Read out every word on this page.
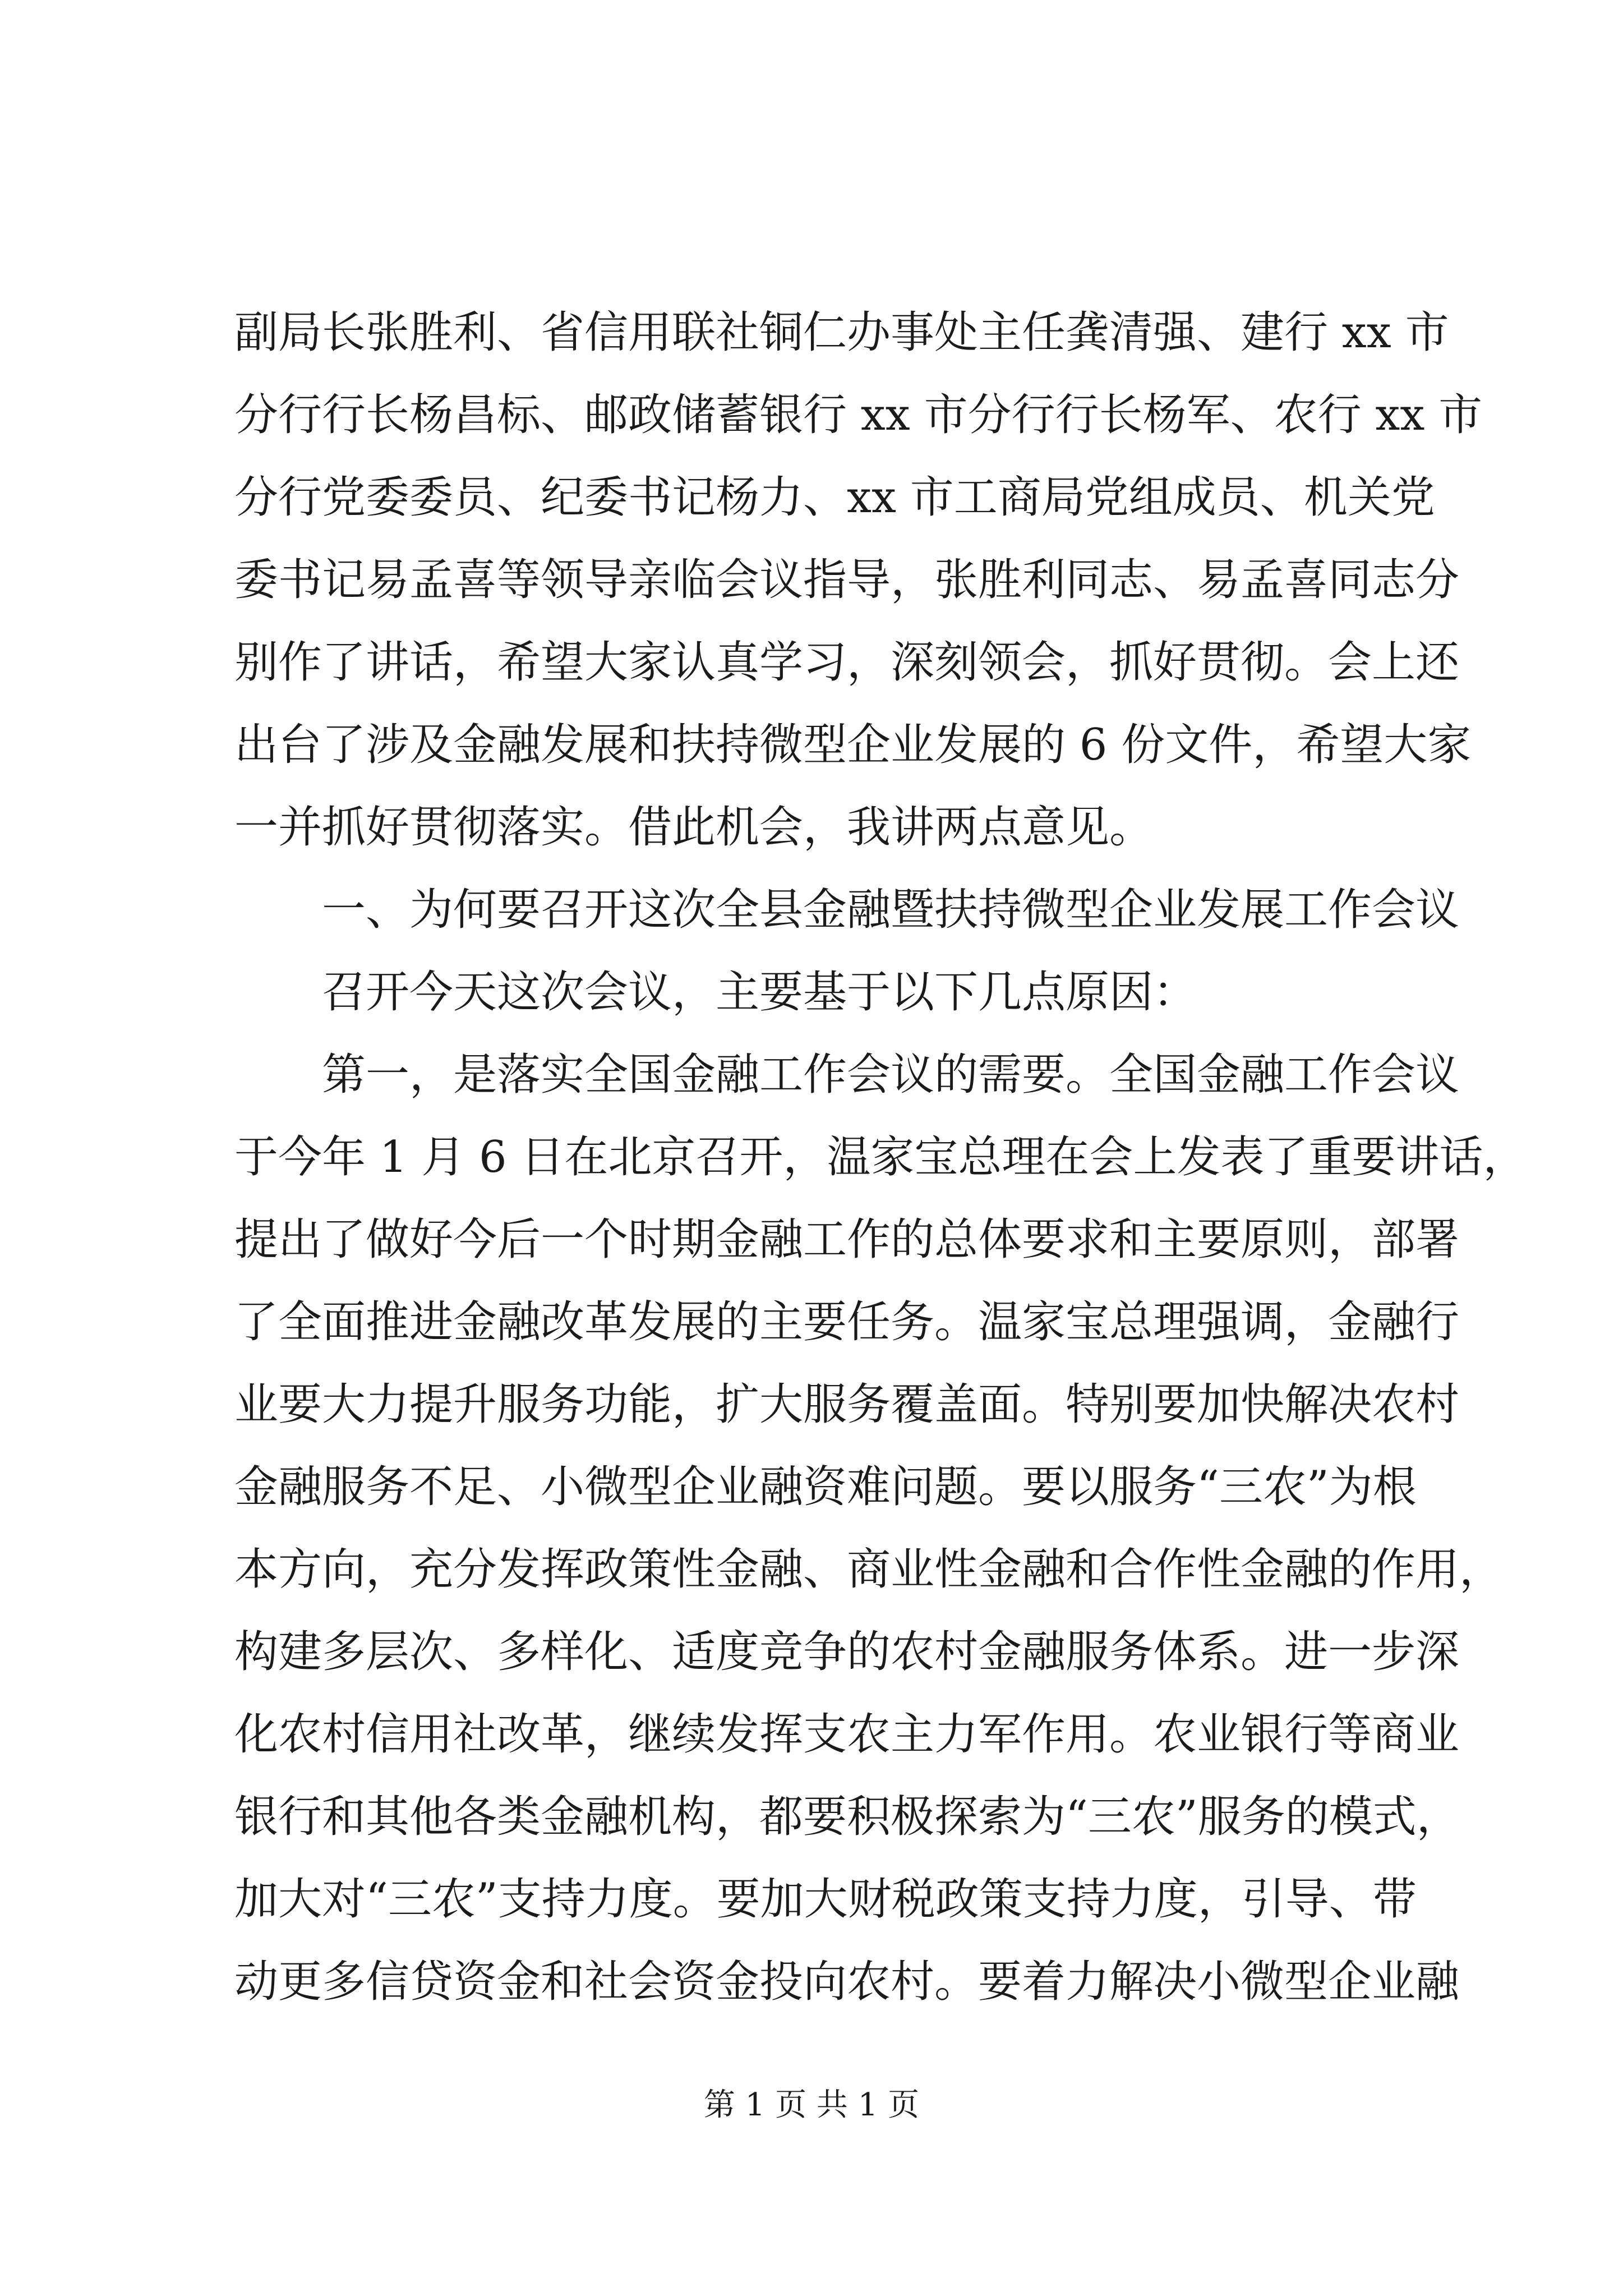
副局长张胜利、省信用联社铜仁办事处主任龚清强、建行 xx 市
分行行长杨昌标、邮政储蓄银行 xx 市分行行长杨军、农行 xx 市
分行党委委员、纪委书记杨力、xx 市工商局党组成员、机关党
委书记易孟喜等领导亲临会议指导，张胜利同志、易孟喜同志分
别作了讲话，希望大家认真学习，深刻领会，抓好贯彻。会上还
出台了涉及金融发展和扶持微型企业发展的 6 份文件，希望大家
一并抓好贯彻落实。借此机会，我讲两点意见。
一、为何要召开这次全县金融暨扶持微型企业发展工作会议
召开今天这次会议，主要基于以下几点原因：
第一，是落实全国金融工作会议的需要。全国金融工作会议
于今年 1 月 6 日在北京召开，温家宝总理在会上发表了重要讲话，
提出了做好今后一个时期金融工作的总体要求和主要原则，部署
了全面推进金融改革发展的主要任务。温家宝总理强调，金融行
业要大力提升服务功能，扩大服务覆盖面。特别要加快解决农村
金融服务不足、小微型企业融资难问题。要以服务“三农”为根
本方向，充分发挥政策性金融、商业性金融和合作性金融的作用，
构建多层次、多样化、适度竞争的农村金融服务体系。进一步深
化农村信用社改革，继续发挥支农主力军作用。农业银行等商业
银行和其他各类金融机构，都要积极探索为“三农”服务的模式，
加大对“三农”支持力度。要加大财税政策支持力度，引导、带
动更多信贷资金和社会资金投向农村。要着力解决小微型企业融
第 1 页 共 1 页
